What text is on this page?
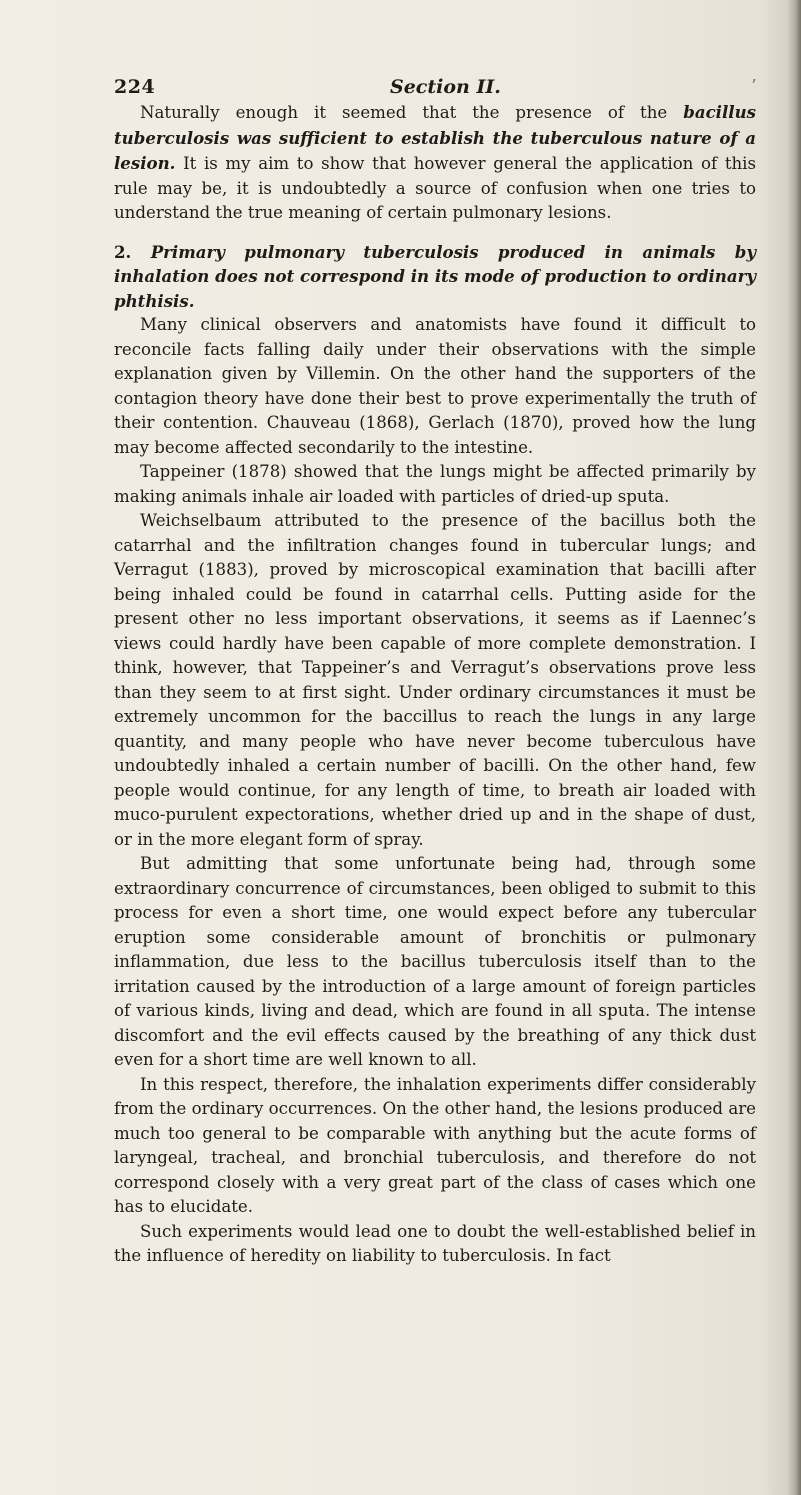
224	Section II.	ʼ

Naturally enough it seemed that the presence of the bacillus tuberculosis was sufficient to establish the tuberculous nature of a lesion. It is my aim to show that however general the application of this rule may be, it is undoubtedly a source of confusion when one tries to understand the true meaning of certain pulmonary lesions.

2. Primary pulmonary tuberculosis produced in animals by inhalation does not correspond in its mode of production to ordinary phthisis.

Many clinical observers and anatomists have found it difficult to reconcile facts falling daily under their observations with the simple explanation given by Villemin. On the other hand the supporters of the contagion theory have done their best to prove experimentally the truth of their contention. Chauveau (1868), Gerlach (1870), proved how the lung may become affected secondarily to the intestine.

Tappeiner (1878) showed that the lungs might be affected primarily by making animals inhale air loaded with particles of dried-up sputa.

Weichselbaum attributed to the presence of the bacillus both the catarrhal and the infiltration changes found in tubercular lungs; and Verragut (1883), proved by microscopical examination that bacilli after being inhaled could be found in catarrhal cells. Putting aside for the present other no less important observations, it seems as if Laennec’s views could hardly have been capable of more complete demonstration. I think, however, that Tappeiner’s and Verragut’s observations prove less than they seem to at first sight. Under ordinary circumstances it must be extremely uncommon for the baccillus to reach the lungs in any large quantity, and many people who have never become tuberculous have undoubtedly inhaled a certain number of bacilli. On the other hand, few people would continue, for any length of time, to breath air loaded with muco-purulent expectorations, whether dried up and in the shape of dust, or in the more elegant form of spray.

But admitting that some unfortunate being had, through some extraordinary concurrence of circumstances, been obliged to submit to this process for even a short time, one would expect before any tubercular eruption some considerable amount of bronchitis or pulmonary inflammation, due less to the bacillus tuberculosis itself than to the irritation caused by the introduction of a large amount of foreign particles of various kinds, living and dead, which are found in all sputa. The intense discomfort and the evil effects caused by the breathing of any thick dust even for a short time are well known to all.

In this respect, therefore, the inhalation experiments differ considerably from the ordinary occurrences. On the other hand, the lesions produced are much too general to be comparable with anything but the acute forms of laryngeal, tracheal, and bronchial tuberculosis, and therefore do not correspond closely with a very great part of the class of cases which one has to elucidate.

Such experiments would lead one to doubt the well-established belief in the influence of heredity on liability to tuberculosis. In fact
